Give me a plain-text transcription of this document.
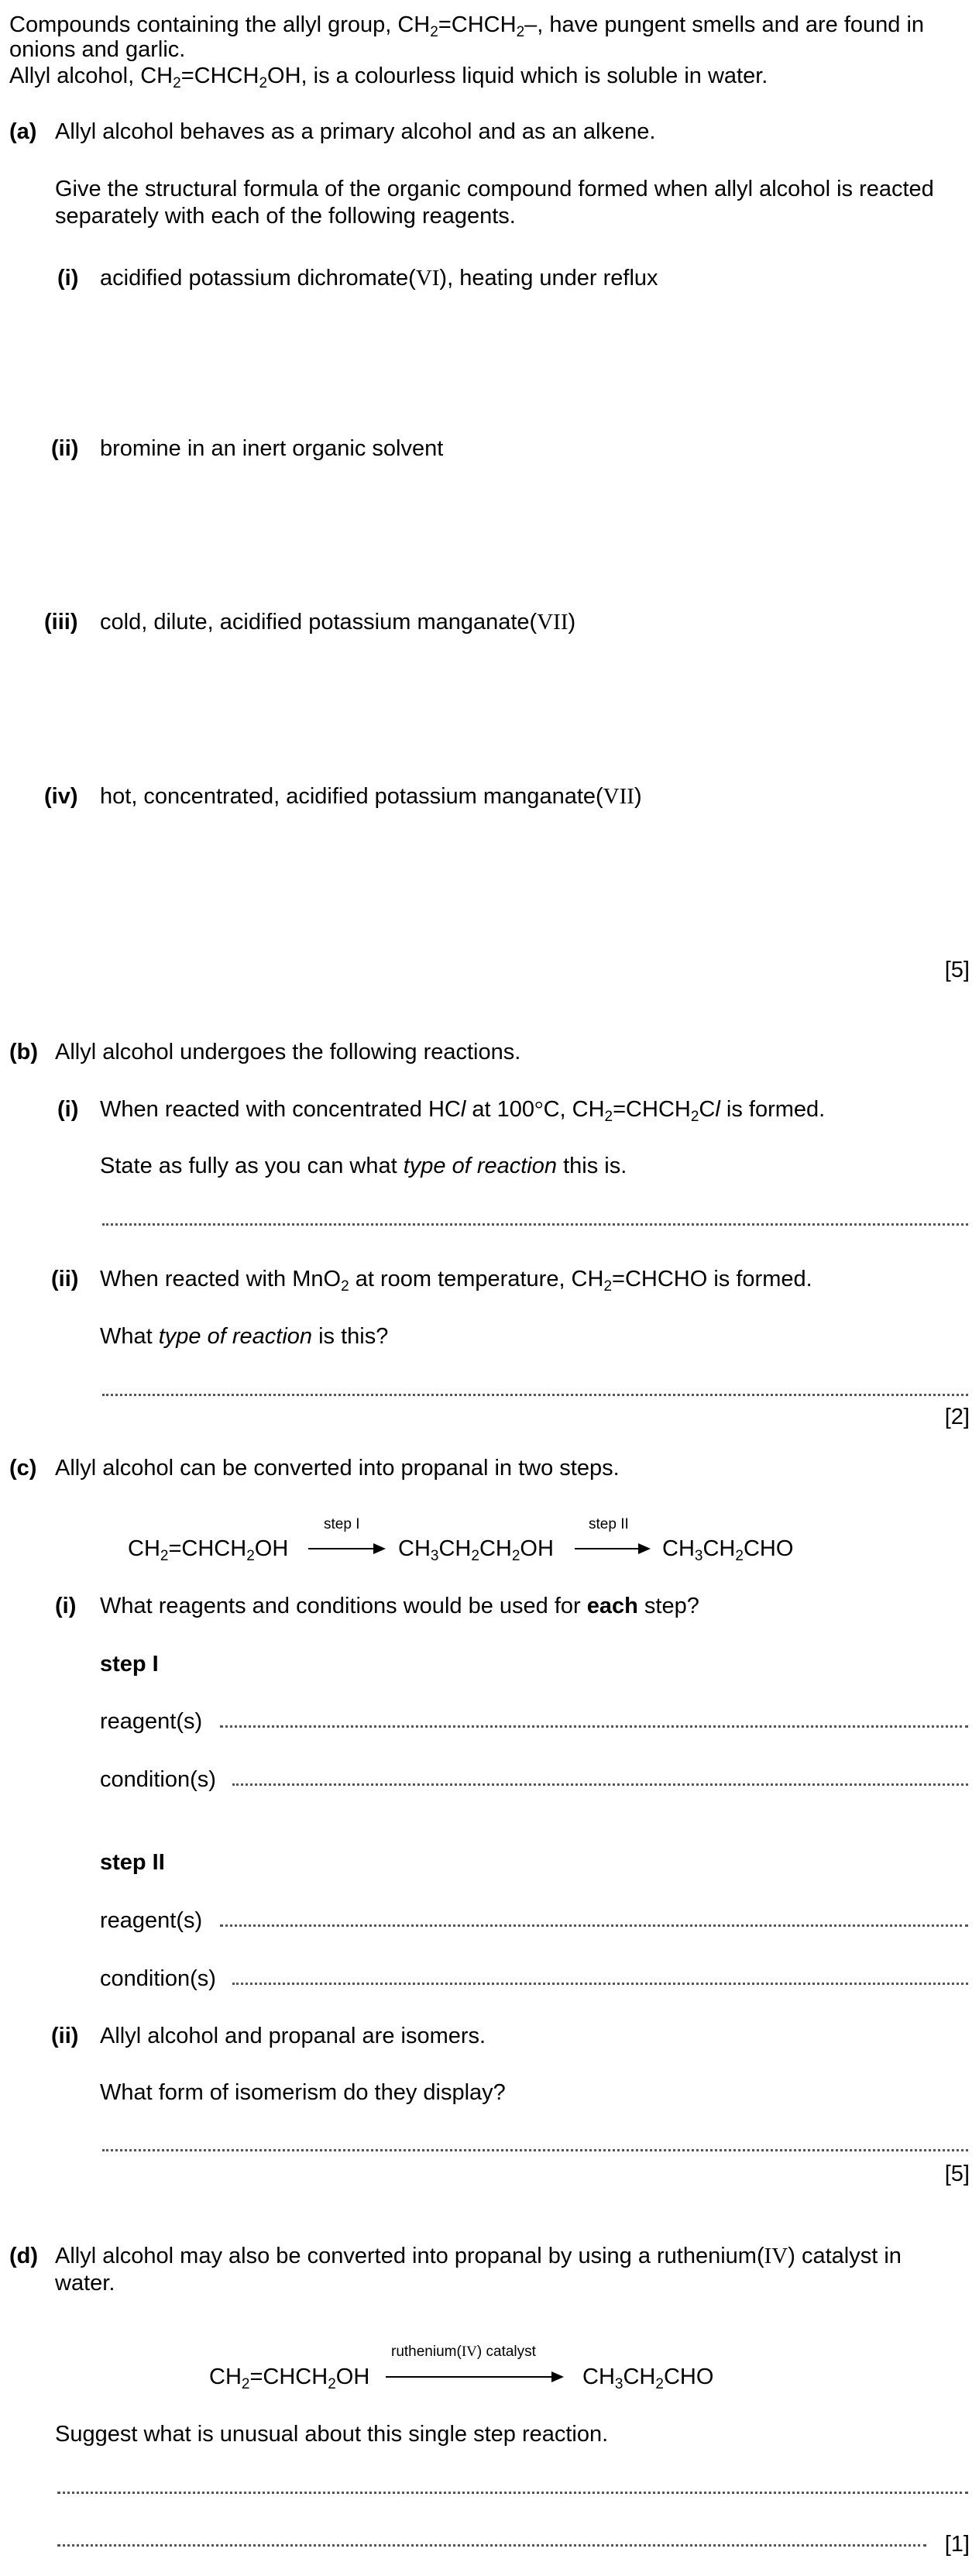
Compounds containing the allyl group, $CH_2=CHCH_2-$, have pungent smells and are found in
onions and garlic.
Allyl alcohol, $CH_2=CHCH_2OH$, is a colourless liquid which is soluble in water.
(a) Allyl alcohol behaves as a primary alcohol and as an alkene.
Give the structural formula of the organic compound formed when allyl alcohol is reacted
separately with each of the following reagents.
(i) acidified potassium dichromate(VI), heating under reflux
(ii) bromine in an inert organic solvent
(iii) cold, dilute, acidified potassium manganate(VII)
(iv) hot, concentrated, acidified potassium manganate(VII)
[5]
(b) Allyl alcohol undergoes the following reactions.
(i) When reacted with concentrated HCl at 100°C, $CH_2=CHCH_2Cl$ is formed.
State as fully as you can what type of reaction this is.
(ii) When reacted with MnO$_2$ at room temperature, $CH_2=CHCHO$ is formed.
What type of reaction is this?
[2]
(c) Allyl alcohol can be converted into propanal in two steps.
$CH_2=CHCH_2OH$
step I
$CH_3CH_2CH_2OH$
step II
$CH_3CH_2CHO$
(i) What reagents and conditions would be used for each step?
step I
reagent(s)
condition(s)
step II
reagent(s)
condition(s)
(ii) Allyl alcohol and propanal are isomers.
What form of isomerism do they display?
[5]
(d) Allyl alcohol may also be converted into propanal by using a ruthenium(IV) catalyst in
water.
$CH_2=CHCH_2OH$
ruthenium(IV) catalyst
$CH_3CH_2CHO$
Suggest what is unusual about this single step reaction.
[1]
